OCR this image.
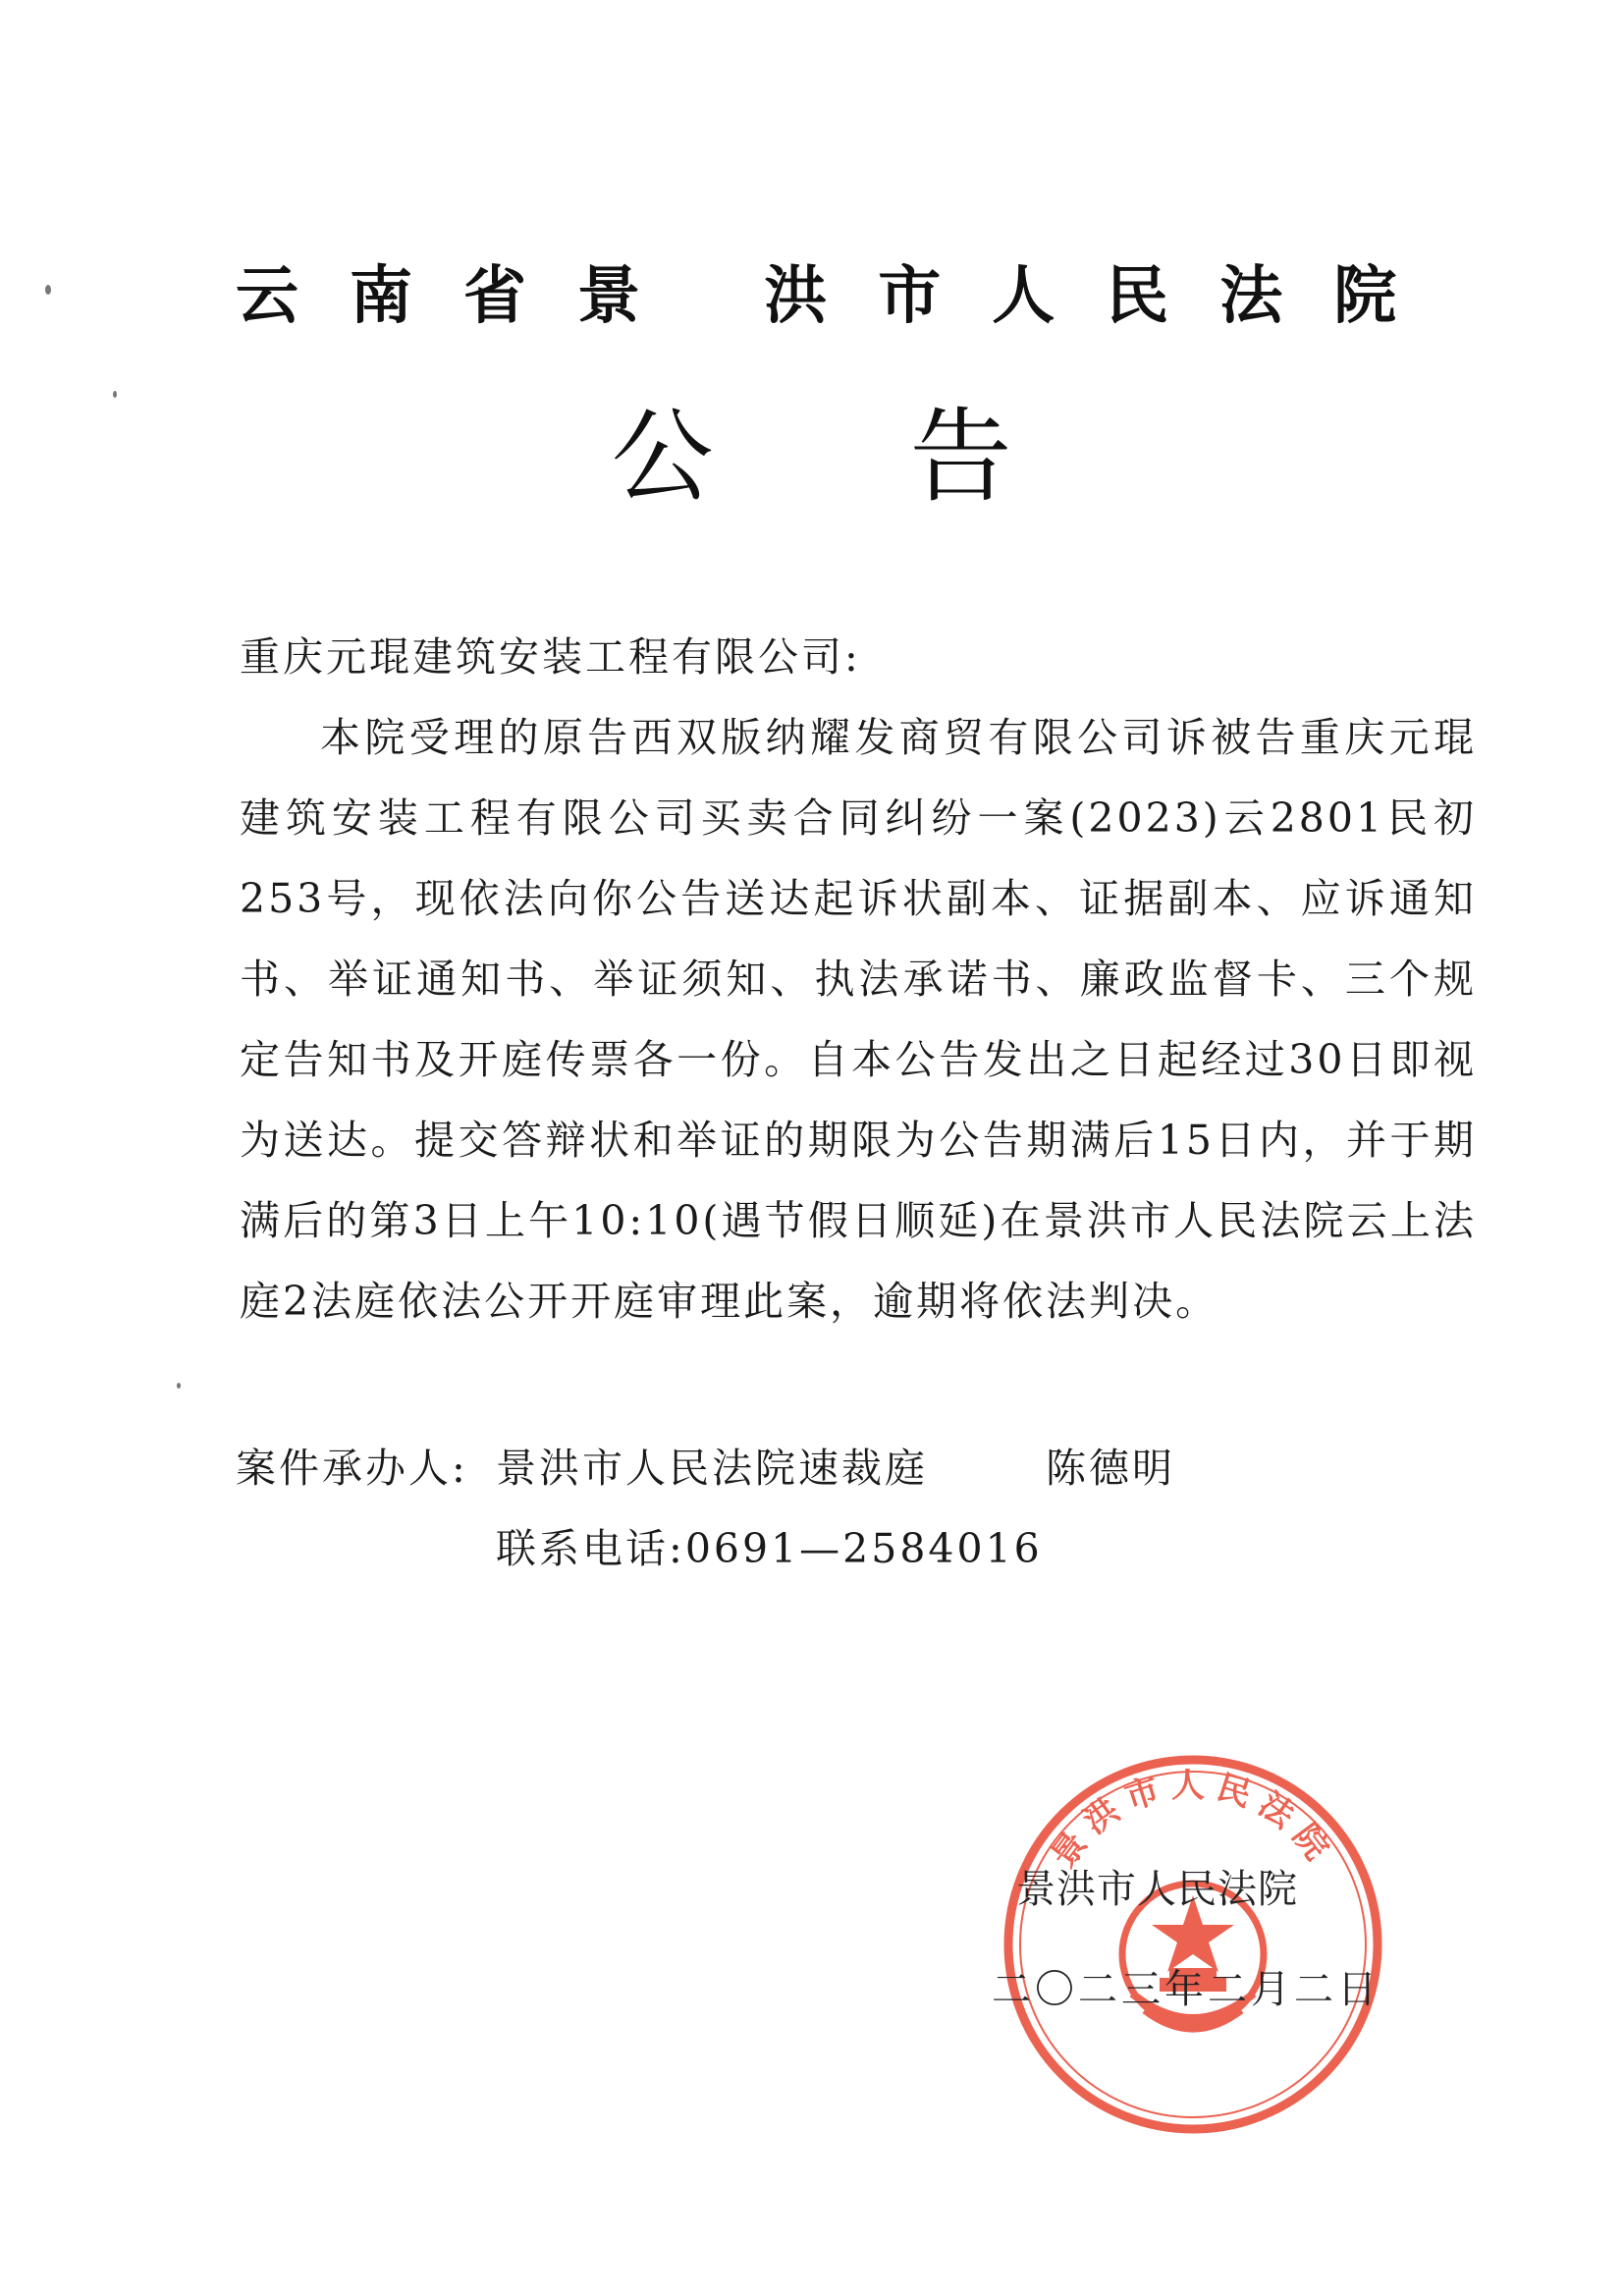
云南省景 洪市人民法院
公告

重庆元琨建筑安装工程有限公司:

本院受理的原告西双版纳耀发商贸有限公司诉被告重庆元琨建筑安装工程有限公司买卖合同纠纷一案(2023)云2801民初253号，现依法向你公告送达起诉状副本、证据副本、应诉通知书、举证通知书、举证须知、执法承诺书、廉政监督卡、三个规定告知书及开庭传票各一份。自本公告发出之日起经过30日即视为送达。提交答辩状和举证的期限为公告期满后15日内，并于期满后的第3日上午10:10(遇节假日顺延)在景洪市人民法院云上法庭2法庭依法公开开庭审理此案，逾期将依法判决。

案件承办人: 景洪市人民法院速裁庭	陈德明
联系电话:0691—2584016
景洪市人民法院
景洪市人民法院
二〇二三年二月二日
